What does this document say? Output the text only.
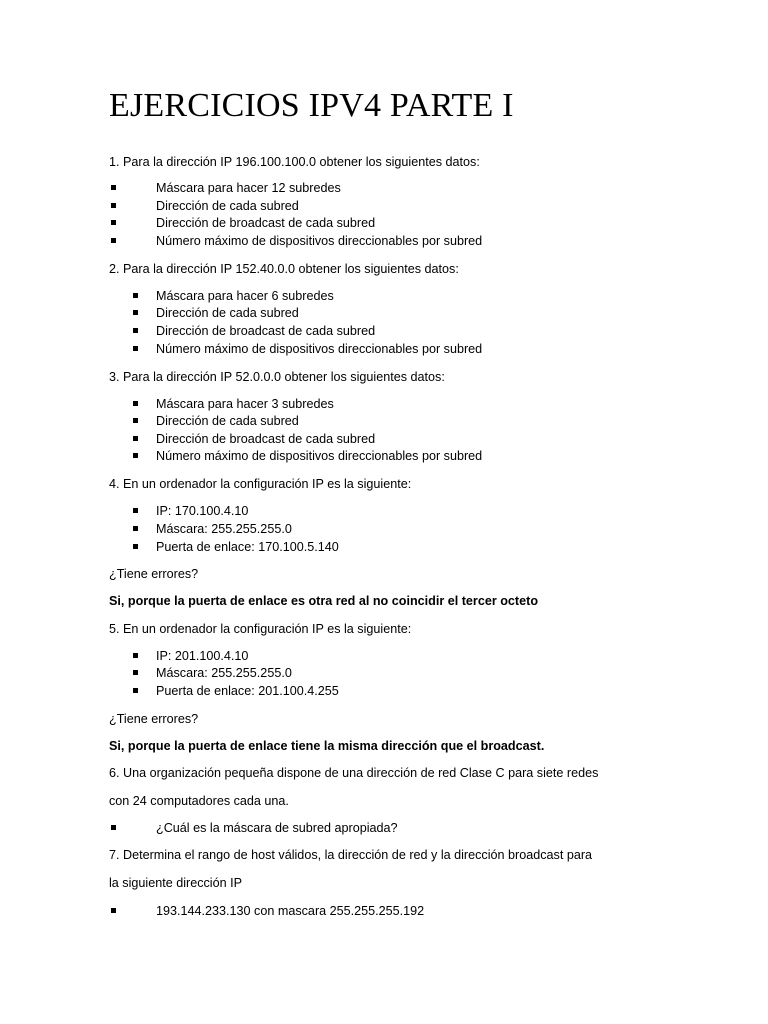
EJERCICIOS IPV4 PARTE I

1. Para la dirección IP 196.100.100.0 obtener los siguientes datos:

Máscara para hacer 12 subredes
Dirección de cada subred
Dirección de broadcast de cada subred
Número máximo de dispositivos direccionables por subred

2. Para la dirección IP 152.40.0.0 obtener los siguientes datos:

Máscara para hacer 6 subredes
Dirección de cada subred
Dirección de broadcast de cada subred
Número máximo de dispositivos direccionables por subred

3. Para la dirección IP 52.0.0.0 obtener los siguientes datos:

Máscara para hacer 3 subredes
Dirección de cada subred
Dirección de broadcast de cada subred
Número máximo de dispositivos direccionables por subred

4. En un ordenador la configuración IP es la siguiente:

IP: 170.100.4.10
Máscara: 255.255.255.0
Puerta de enlace: 170.100.5.140

¿Tiene errores?

Si, porque la puerta de enlace es otra red al no coincidir el tercer octeto

5. En un ordenador la configuración IP es la siguiente:

IP: 201.100.4.10
Máscara: 255.255.255.0
Puerta de enlace: 201.100.4.255

¿Tiene errores?

Si, porque la puerta de enlace tiene la misma dirección que el broadcast.

6. Una organización pequeña dispone de una dirección de red Clase C para siete redes

con 24 computadores cada una.

¿Cuál es la máscara de subred apropiada?

7. Determina el rango de host válidos, la dirección de red y la dirección broadcast para

la siguiente dirección IP

193.144.233.130 con mascara 255.255.255.192
